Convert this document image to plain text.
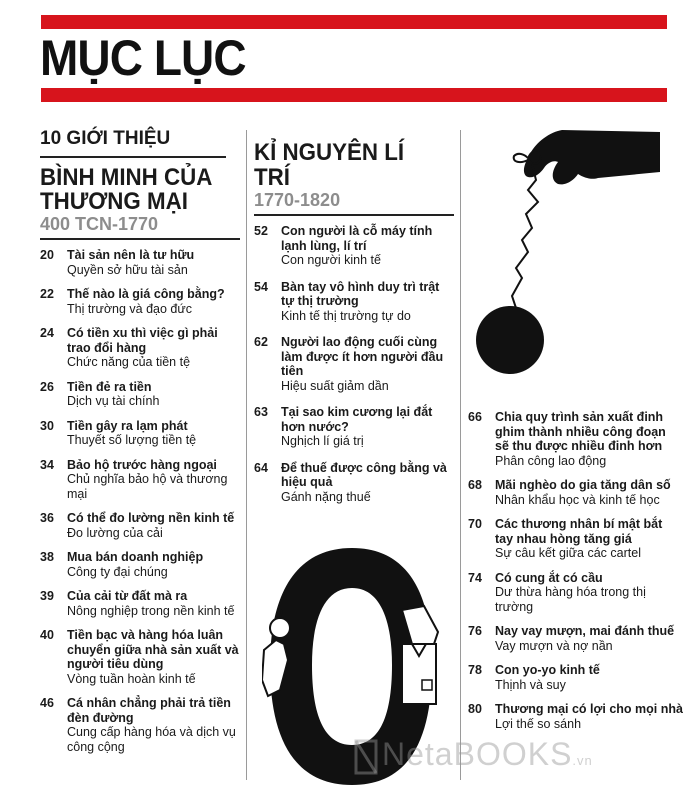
MỤC LỤC
10 GIỚI THIỆU
BÌNH MINH CỦA THƯƠNG MẠI
400 TCN-1770
20 Tài sản nên là tư hữu
Quyền sở hữu tài sản
22 Thế nào là giá công bằng?
Thị trường và đạo đức
24 Có tiền xu thì việc gì phải trao đổi hàng
Chức năng của tiền tệ
26 Tiền đẻ ra tiền
Dịch vụ tài chính
30 Tiền gây ra lạm phát
Thuyết số lượng tiền tệ
34 Bảo hộ trước hàng ngoại
Chủ nghĩa bảo hộ và thương mại
36 Có thể đo lường nền kinh tế
Đo lường của cải
38 Mua bán doanh nghiệp
Công ty đại chúng
39 Của cải từ đất mà ra
Nông nghiệp trong nền kinh tế
40 Tiền bạc và hàng hóa luân chuyển giữa nhà sản xuất và người tiêu dùng
Vòng tuần hoàn kinh tế
46 Cá nhân chẳng phải trả tiền đèn đường
Cung cấp hàng hóa và dịch vụ công cộng
KỈ NGUYÊN LÍ TRÍ
1770-1820
52 Con người là cỗ máy tính lạnh lùng, lí trí
Con người kinh tế
54 Bàn tay vô hình duy trì trật tự thị trường
Kinh tế thị trường tự do
62 Người lao động cuối cùng làm được ít hơn người đầu tiên
Hiệu suất giảm dần
63 Tại sao kim cương lại đắt hơn nước?
Nghịch lí giá trị
64 Để thuế được công bằng và hiệu quả
Gánh nặng thuế
66 Chia quy trình sản xuất đinh ghim thành nhiều công đoạn sẽ thu được nhiều đinh hơn
Phân công lao động
68 Mãi nghèo do gia tăng dân số
Nhân khẩu học và kinh tế học
70 Các thương nhân bí mật bắt tay nhau hòng tăng giá
Sự câu kết giữa các cartel
74 Có cung ắt có cầu
Dư thừa hàng hóa trong thị trường
76 Nay vay mượn, mai đánh thuế
Vay mượn và nợ nần
78 Con yo-yo kinh tế
Thịnh và suy
80 Thương mại có lợi cho mọi nhà
Lợi thế so sánh
NetaBOOKS.vn
